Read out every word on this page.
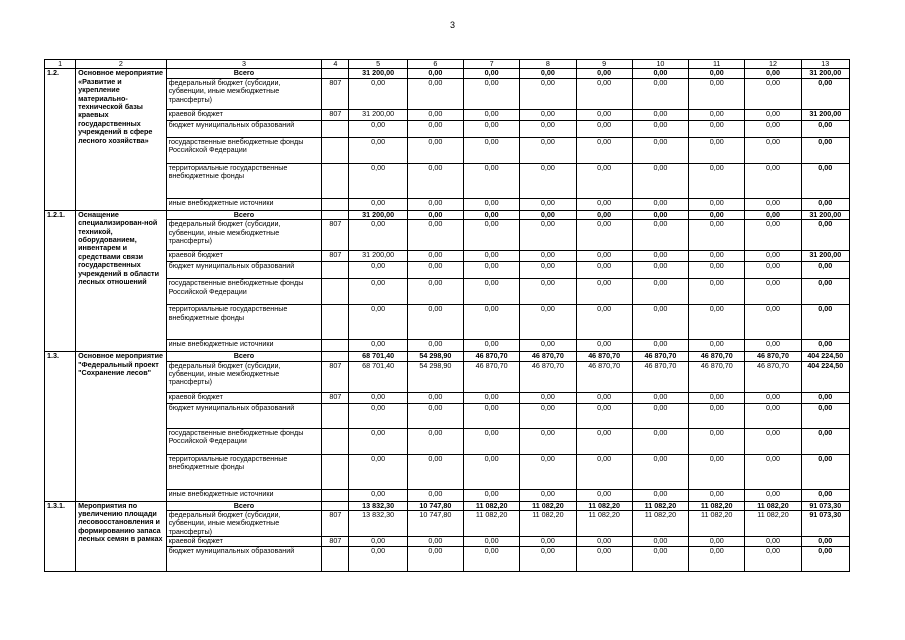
3
1	2	3	4	5	6	7	8	9	10	11	12	13
1.2.	Основное мероприятие «Развитие и укрепление материально-технической базы краевых государственных учреждений в сфере лесного хозяйства»	Всего		31 200,00	0,00	0,00	0,00	0,00	0,00	0,00	0,00	31 200,00
		федеральный бюджет (субсидии, субвенции, иные межбюджетные трансферты)	807	0,00	0,00	0,00	0,00	0,00	0,00	0,00	0,00	0,00
		краевой бюджет	807	31 200,00	0,00	0,00	0,00	0,00	0,00	0,00	0,00	31 200,00
		бюджет муниципальных образований		0,00	0,00	0,00	0,00	0,00	0,00	0,00	0,00	0,00
		государственные внебюджетные фонды Российской Федерации		0,00	0,00	0,00	0,00	0,00	0,00	0,00	0,00	0,00
		территориальные государственные внебюджетные фонды		0,00	0,00	0,00	0,00	0,00	0,00	0,00	0,00	0,00
		иные внебюджетные источники		0,00	0,00	0,00	0,00	0,00	0,00	0,00	0,00	0,00
1.2.1.	Оснащение специализирован-ной техникой, оборудованием, инвентарем и средствами связи государственных учреждений в области лесных отношений	Всего		31 200,00	0,00	0,00	0,00	0,00	0,00	0,00	0,00	31 200,00
		федеральный бюджет (субсидии, субвенции, иные межбюджетные трансферты)	807	0,00	0,00	0,00	0,00	0,00	0,00	0,00	0,00	0,00
		краевой бюджет	807	31 200,00	0,00	0,00	0,00	0,00	0,00	0,00	0,00	31 200,00
		бюджет муниципальных образований		0,00	0,00	0,00	0,00	0,00	0,00	0,00	0,00	0,00
		государственные внебюджетные фонды Российской Федерации		0,00	0,00	0,00	0,00	0,00	0,00	0,00	0,00	0,00
		территориальные государственные внебюджетные фонды		0,00	0,00	0,00	0,00	0,00	0,00	0,00	0,00	0,00
		иные внебюджетные источники		0,00	0,00	0,00	0,00	0,00	0,00	0,00	0,00	0,00
1.3.	Основное мероприятие "Федеральный проект "Сохранение лесов"	Всего		68 701,40	54 298,90	46 870,70	46 870,70	46 870,70	46 870,70	46 870,70	46 870,70	404 224,50
		федеральный бюджет (субсидии, субвенции, иные межбюджетные трансферты)	807	68 701,40	54 298,90	46 870,70	46 870,70	46 870,70	46 870,70	46 870,70	46 870,70	404 224,50
		краевой бюджет	807	0,00	0,00	0,00	0,00	0,00	0,00	0,00	0,00	0,00
		бюджет муниципальных образований		0,00	0,00	0,00	0,00	0,00	0,00	0,00	0,00	0,00
		государственные внебюджетные фонды Российской Федерации		0,00	0,00	0,00	0,00	0,00	0,00	0,00	0,00	0,00
		территориальные государственные внебюджетные фонды		0,00	0,00	0,00	0,00	0,00	0,00	0,00	0,00	0,00
		иные внебюджетные источники		0,00	0,00	0,00	0,00	0,00	0,00	0,00	0,00	0,00
1.3.1.	Мероприятия по увеличению площади лесовосстановления и формированию запаса лесных семян в рамках	Всего		13 832,30	10 747,80	11 082,20	11 082,20	11 082,20	11 082,20	11 082,20	11 082,20	91 073,30
		федеральный бюджет (субсидии, субвенции, иные межбюджетные трансферты)	807	13 832,30	10 747,80	11 082,20	11 082,20	11 082,20	11 082,20	11 082,20	11 082,20	91 073,30
		краевой бюджет	807	0,00	0,00	0,00	0,00	0,00	0,00	0,00	0,00	0,00
		бюджет муниципальных образований		0,00	0,00	0,00	0,00	0,00	0,00	0,00	0,00	0,00
